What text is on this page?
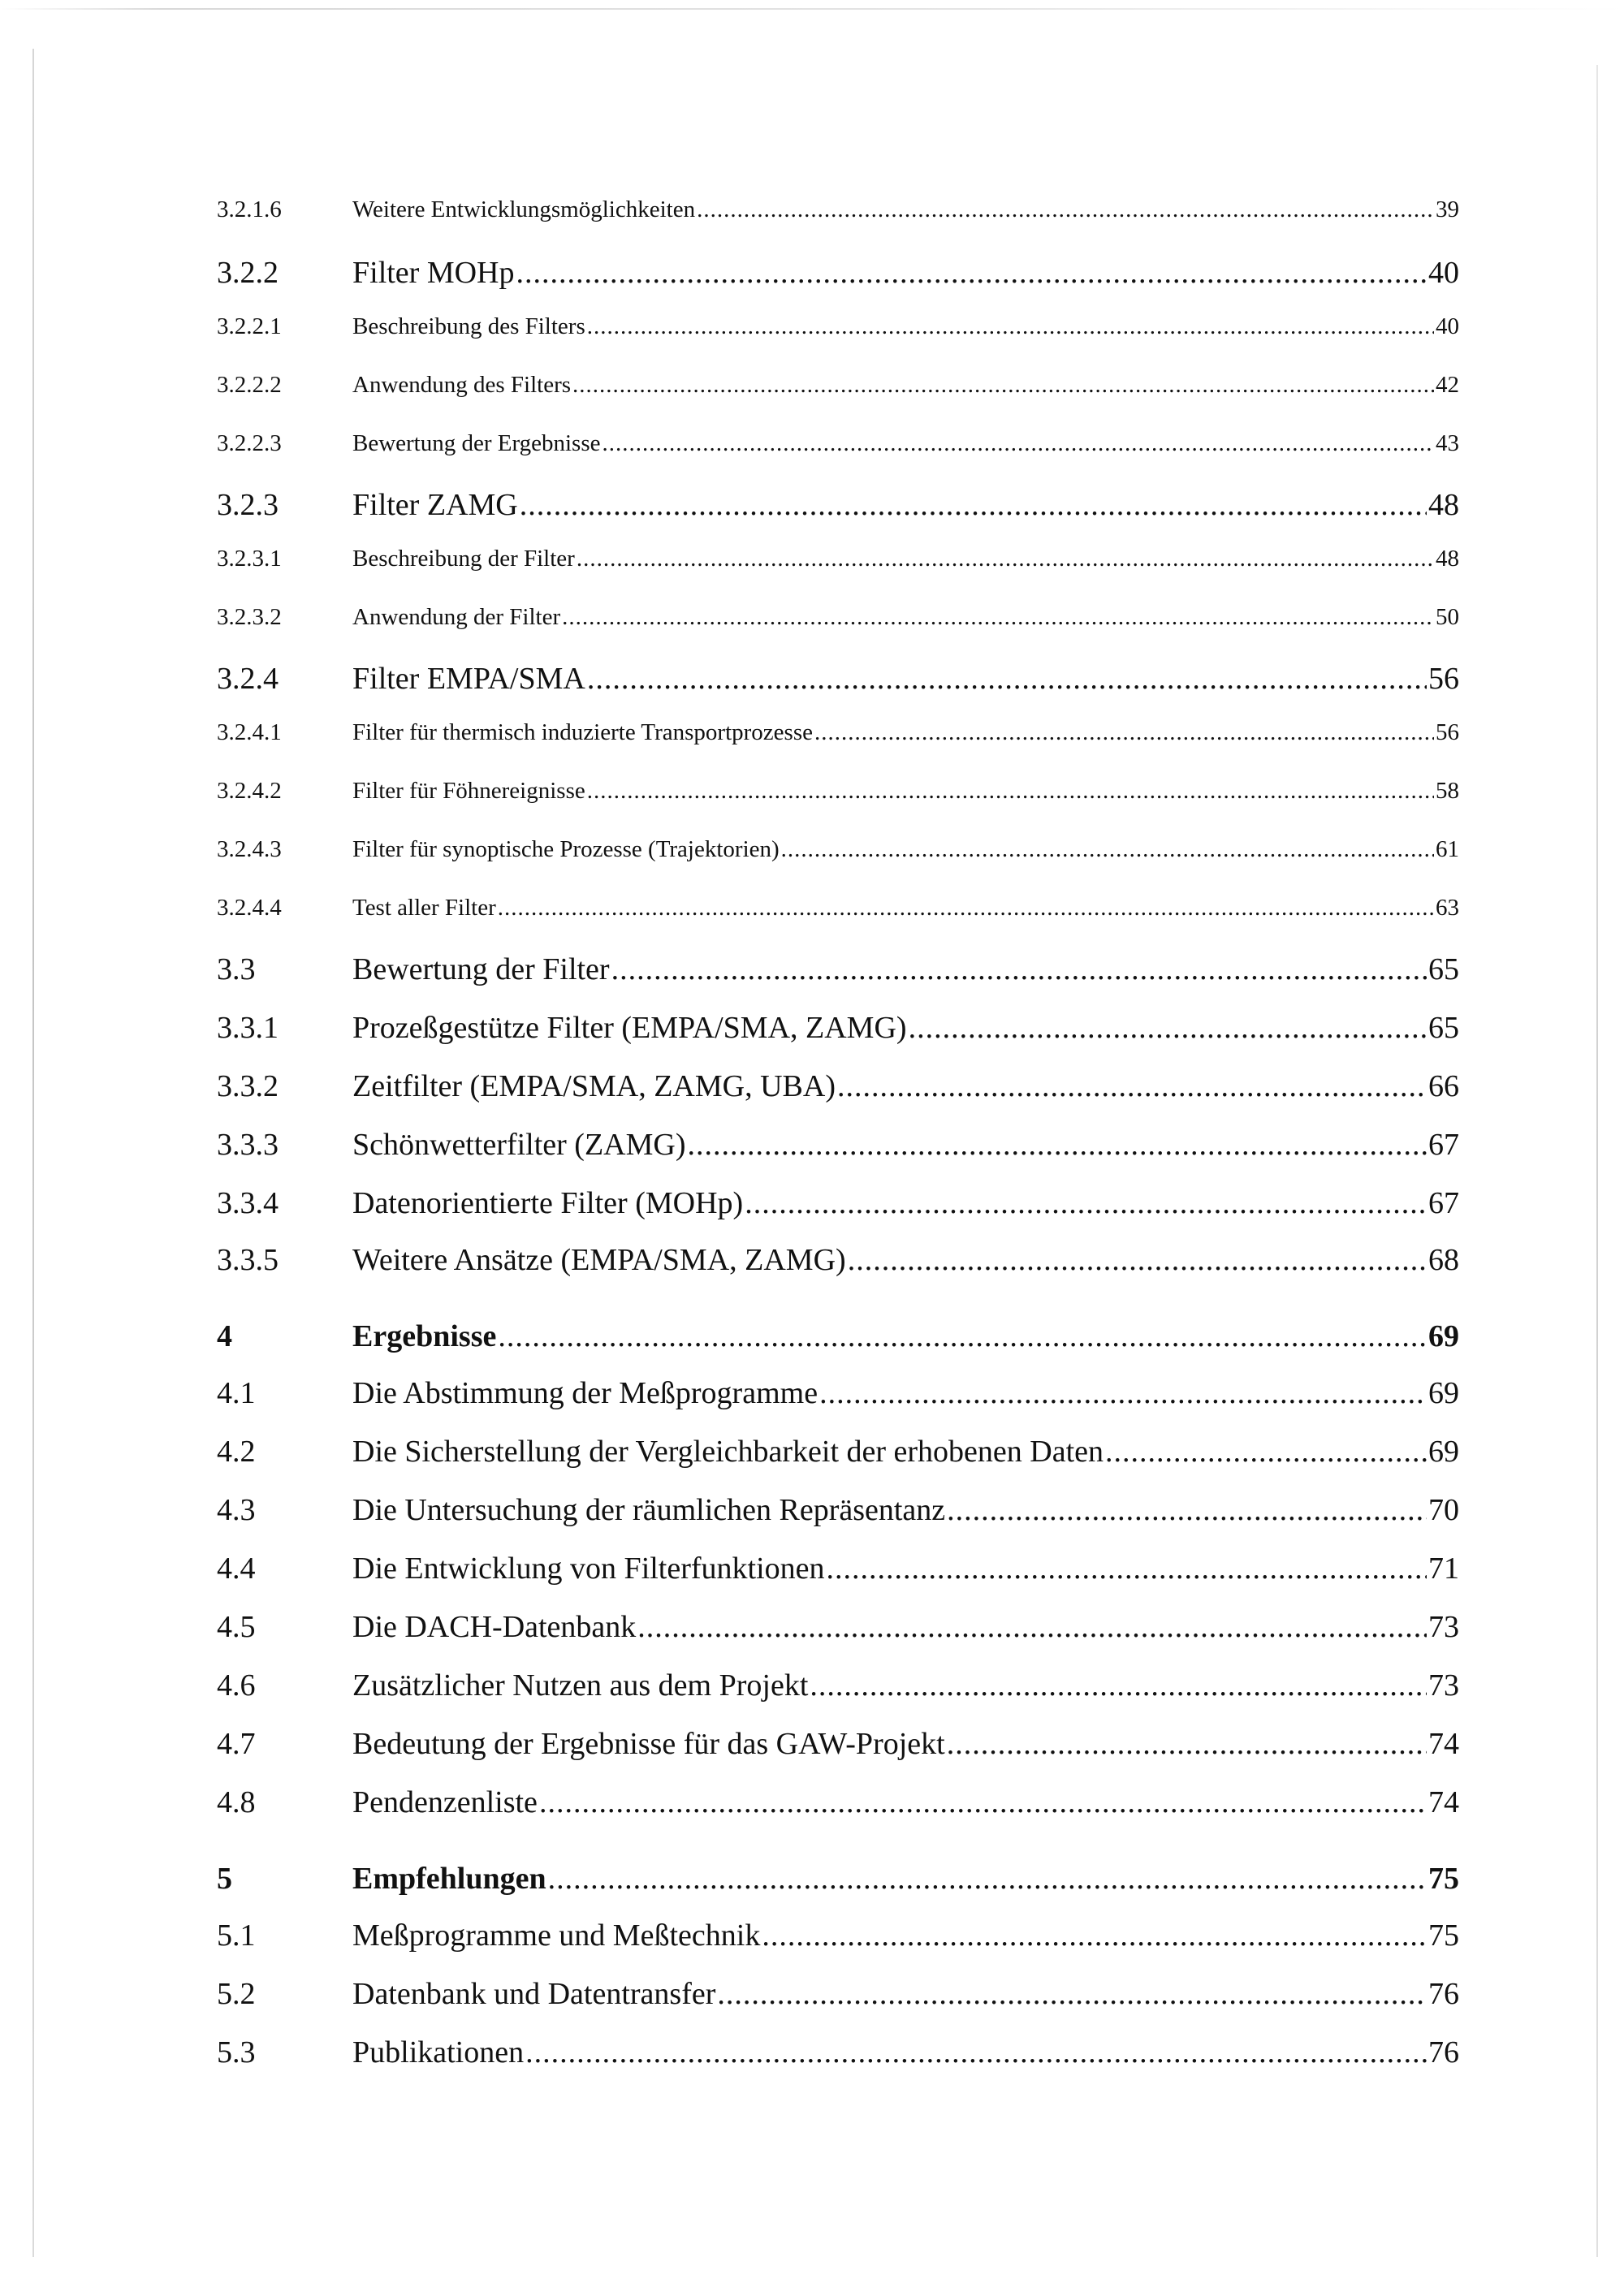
3.2.1.6	Weitere Entwicklungsmöglichkeiten .....	39
3.2.2	Filter MOHp .....	40
3.2.2.1	Beschreibung des Filters .....	40
3.2.2.2	Anwendung des Filters .....	42
3.2.2.3	Bewertung der Ergebnisse .....	43
3.2.3	Filter ZAMG .....	48
3.2.3.1	Beschreibung der Filter .....	48
3.2.3.2	Anwendung der Filter .....	50
3.2.4	Filter EMPA/SMA .....	56
3.2.4.1	Filter für thermisch induzierte Transportprozesse .....	56
3.2.4.2	Filter für Föhnereignisse .....	58
3.2.4.3	Filter für synoptische Prozesse (Trajektorien) .....	61
3.2.4.4	Test aller Filter .....	63
3.3	Bewertung der Filter .....	65
3.3.1	Prozeßgestütze Filter (EMPA/SMA, ZAMG) .....	65
3.3.2	Zeitfilter (EMPA/SMA, ZAMG, UBA) .....	66
3.3.3	Schönwetterfilter (ZAMG) .....	67
3.3.4	Datenorientierte Filter (MOHp) .....	67
3.3.5	Weitere Ansätze (EMPA/SMA, ZAMG) .....	68
4	Ergebnisse .....	69
4.1	Die Abstimmung der Meßprogramme .....	69
4.2	Die Sicherstellung der Vergleichbarkeit der erhobenen Daten .....	69
4.3	Die Untersuchung der räumlichen Repräsentanz .....	70
4.4	Die Entwicklung von Filterfunktionen .....	71
4.5	Die DACH-Datenbank .....	73
4.6	Zusätzlicher Nutzen aus dem Projekt .....	73
4.7	Bedeutung der Ergebnisse für das GAW-Projekt .....	74
4.8	Pendenzenliste .....	74
5	Empfehlungen .....	75
5.1	Meßprogramme und Meßtechnik .....	75
5.2	Datenbank und Datentransfer .....	76
5.3	Publikationen .....	76
